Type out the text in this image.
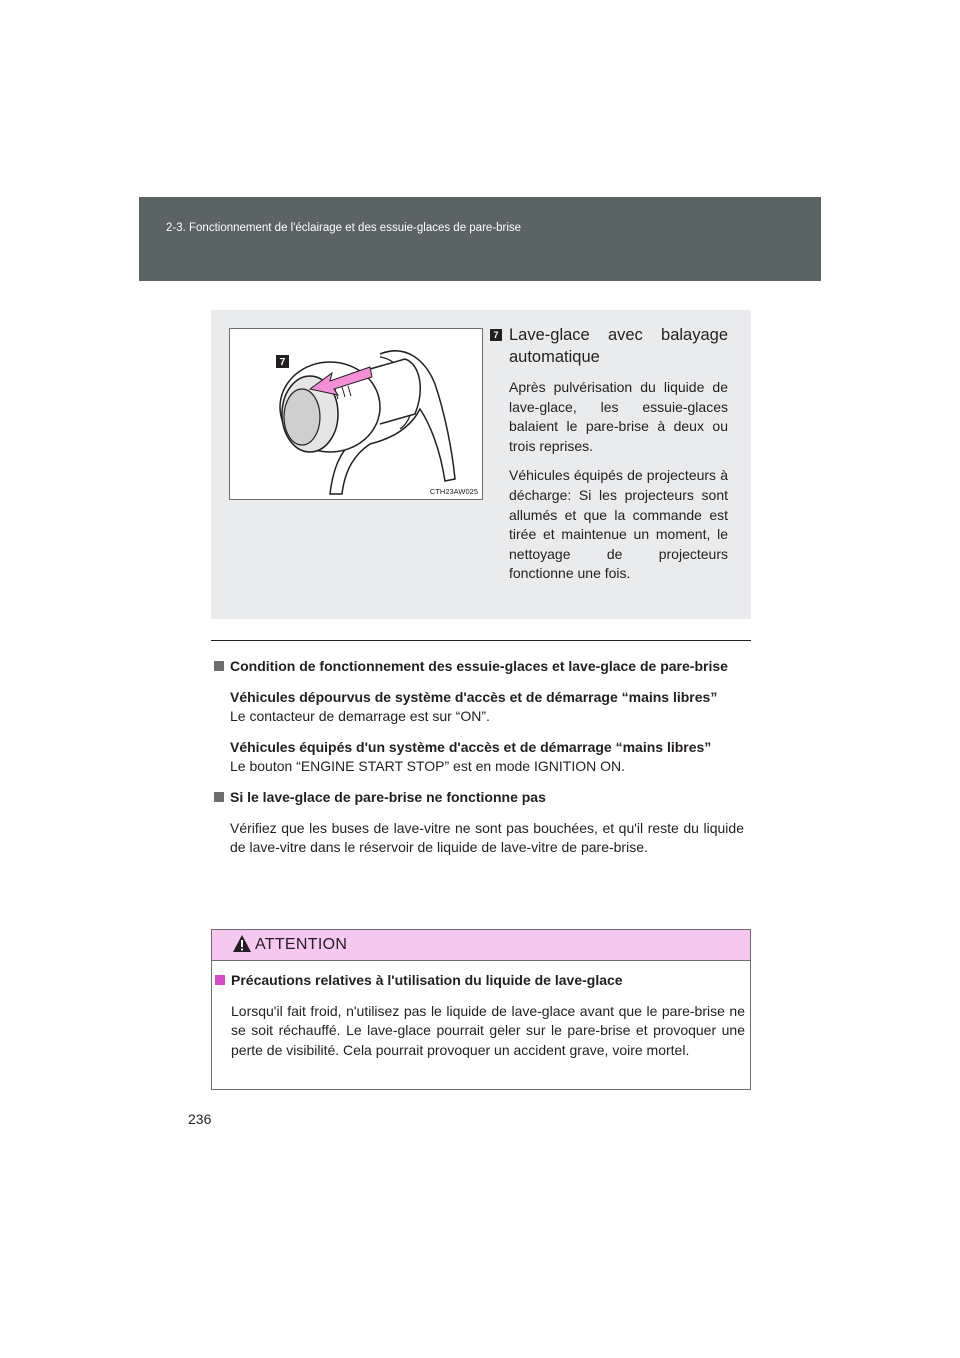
2-3. Fonctionnement de l'éclairage et des essuie-glaces de pare-brise
7
CTH23AW025
7 Lave-glace avec balayage
automatique
Après pulvérisation du liquide de lave-glace, les essuie-glaces balaient le pare-brise à deux ou trois reprises.
Véhicules équipés de projecteurs à décharge: Si les projecteurs sont allumés et que la commande est tirée et maintenue un moment, le nettoyage de projecteurs fonctionne une fois.
Condition de fonctionnement des essuie-glaces et lave-glace de pare-brise
Véhicules dépourvus de système d'accès et de démarrage “mains libres”
Le contacteur de demarrage est sur “ON”.
Véhicules équipés d'un système d'accès et de démarrage “mains libres”
Le bouton “ENGINE START STOP” est en mode IGNITION ON.
Si le lave-glace de pare-brise ne fonctionne pas
Vérifiez que les buses de lave-vitre ne sont pas bouchées, et qu'il reste du liquide de lave-vitre dans le réservoir de liquide de lave-vitre de pare-brise.
ATTENTION
Précautions relatives à l'utilisation du liquide de lave-glace
Lorsqu'il fait froid, n'utilisez pas le liquide de lave-glace avant que le pare-brise ne se soit réchauffé. Le lave-glace pourrait geler sur le pare-brise et provoquer une perte de visibilité. Cela pourrait provoquer un accident grave, voire mortel.
236
